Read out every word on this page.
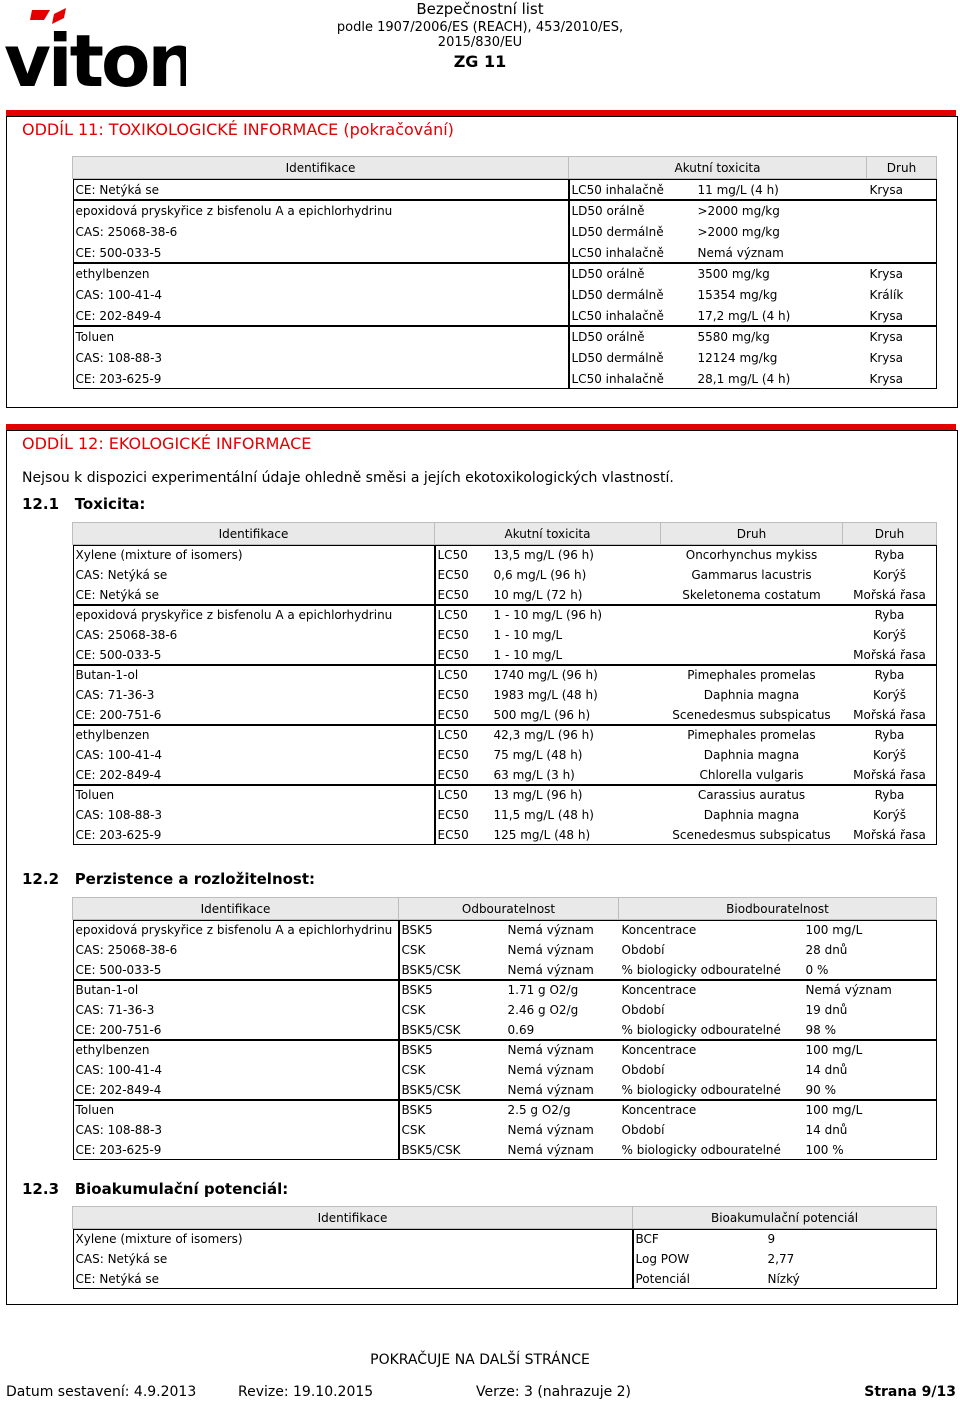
viton
Bezpečnostní list
podle 1907/2006/ES (REACH), 453/2010/ES, 2015/830/EU
ZG 11
ODDÍL 11: TOXIKOLOGICKÉ INFORMACE (pokračování)
Identifikace	Akutní toxicita		Druh
CE: Netýká se	LC50 inhalačně	11 mg/L (4 h)	Krysa
epoxidová pryskyřice z bisfenolu A a epichlorhydrinu	LD50 orálně	>2000 mg/kg	
CAS: 25068-38-6	LD50 dermálně	>2000 mg/kg	
CE: 500-033-5	LC50 inhalačně	Nemá význam	
ethylbenzen	LD50 orálně	3500 mg/kg	Krysa
CAS: 100-41-4	LD50 dermálně	15354 mg/kg	Králík
CE: 202-849-4	LC50 inhalačně	17,2 mg/L (4 h)	Krysa
Toluen	LD50 orálně	5580 mg/kg	Krysa
CAS: 108-88-3	LD50 dermálně	12124 mg/kg	Krysa
CE: 203-625-9	LC50 inhalačně	28,1 mg/L (4 h)	Krysa
ODDÍL 12: EKOLOGICKÉ INFORMACE
Nejsou k dispozici experimentální údaje ohledně směsi a jejích ekotoxikologických vlastností.
12.1 Toxicita:
Identifikace	Akutní toxicita		Druh	Druh
Xylene (mixture of isomers)	LC50	13,5 mg/L (96 h)	Oncorhynchus mykiss	Ryba
CAS: Netýká se	EC50	0,6 mg/L (96 h)	Gammarus lacustris	Korýš
CE: Netýká se	EC50	10 mg/L (72 h)	Skeletonema costatum	Mořská řasa
epoxidová pryskyřice z bisfenolu A a epichlorhydrinu	LC50	1 - 10 mg/L (96 h)		Ryba
CAS: 25068-38-6	EC50	1 - 10 mg/L		Korýš
CE: 500-033-5	EC50	1 - 10 mg/L		Mořská řasa
Butan-1-ol	LC50	1740 mg/L (96 h)	Pimephales promelas	Ryba
CAS: 71-36-3	EC50	1983 mg/L (48 h)	Daphnia magna	Korýš
CE: 200-751-6	EC50	500 mg/L (96 h)	Scenedesmus subspicatus	Mořská řasa
ethylbenzen	LC50	42,3 mg/L (96 h)	Pimephales promelas	Ryba
CAS: 100-41-4	EC50	75 mg/L (48 h)	Daphnia magna	Korýš
CE: 202-849-4	EC50	63 mg/L (3 h)	Chlorella vulgaris	Mořská řasa
Toluen	LC50	13 mg/L (96 h)	Carassius auratus	Ryba
CAS: 108-88-3	EC50	11,5 mg/L (48 h)	Daphnia magna	Korýš
CE: 203-625-9	EC50	125 mg/L (48 h)	Scenedesmus subspicatus	Mořská řasa
12.2 Perzistence a rozložitelnost:
Identifikace	Odbouratelnost		Biodbouratelnost	
epoxidová pryskyřice z bisfenolu A a epichlorhydrinu	BSK5	Nemá význam	Koncentrace	100 mg/L
CAS: 25068-38-6	CSK	Nemá význam	Období	28 dnů
CE: 500-033-5	BSK5/CSK	Nemá význam	% biologicky odbouratelné	0 %
Butan-1-ol	BSK5	1.71 g O2/g	Koncentrace	Nemá význam
CAS: 71-36-3	CSK	2.46 g O2/g	Období	19 dnů
CE: 200-751-6	BSK5/CSK	0.69	% biologicky odbouratelné	98 %
ethylbenzen	BSK5	Nemá význam	Koncentrace	100 mg/L
CAS: 100-41-4	CSK	Nemá význam	Období	14 dnů
CE: 202-849-4	BSK5/CSK	Nemá význam	% biologicky odbouratelné	90 %
Toluen	BSK5	2.5 g O2/g	Koncentrace	100 mg/L
CAS: 108-88-3	CSK	Nemá význam	Období	14 dnů
CE: 203-625-9	BSK5/CSK	Nemá význam	% biologicky odbouratelné	100 %
12.3 Bioakumulační potenciál:
Identifikace	Bioakumulační potenciál	
Xylene (mixture of isomers)	BCF	9
CAS: Netýká se	Log POW	2,77
CE: Netýká se	Potenciál	Nízký
POKRAČUJE NA DALŠÍ STRÁNCE
Datum sestavení: 4.9.2013	Revize: 19.10.2015	Verze: 3 (nahrazuje 2)	Strana 9/13
